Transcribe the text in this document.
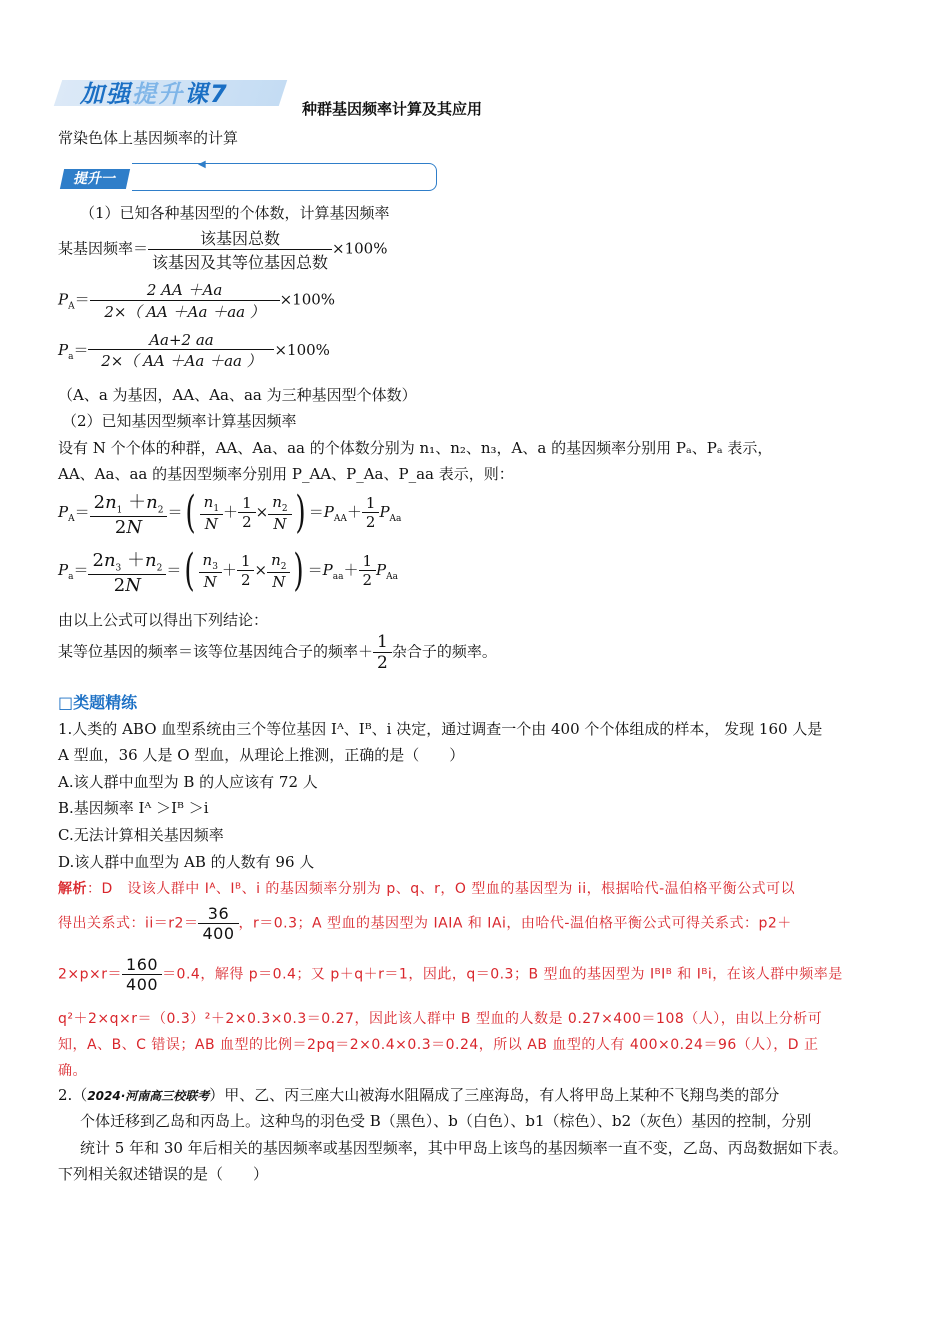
加强提升课7
种群基因频率计算及其应用
常染色体上基因频率的计算
提升一
◀
（1）已知各种基因型的个体数，计算基因频率
某基因频率＝ $\frac{\text{该基因总数}}{\text{该基因及其等位基因总数}} \times 100\%$
$P_A= \frac{2 AA +Aa}{2\times( AA +Aa +aa )} \times 100\%$
$P_a= \frac{Aa+2 aa}{2\times( AA +Aa +aa )} \times 100\%$
（A、a 为基因，AA、Aa、aa 为三种基因型个体数）
（2）已知基因型频率计算基因频率
设有 N 个个体的种群，AA、Aa、aa 的个体数分别为 n₁、n₂、n₃，A、a 的基因频率分别用 Pₐ、Pₐ 表示，
AA、Aa、aa 的基因型频率分别用 P_AA、P_Aa、P_aa 表示，则：
$P_A= \frac{2n_1 +n_2}{2N}$ ＝( $\frac{n_1}{N} + \frac{1}{2} \times \frac{n_2}{N}$ ) $=P_{AA}+ \frac{1}{2} P_{Aa}$
$P_a= \frac{2n_3 +n_2}{2N}$ ＝( $\frac{n_3}{N} + \frac{1}{2} \times \frac{n_2}{N}$ ) $=P_{aa}+ \frac{1}{2} P_{Aa}$
由以上公式可以得出下列结论：
某等位基因的频率＝该等位基因纯合子的频率＋ $\frac{1}{2}$ 杂合子的频率。
□类题精练
1.人类的 ABO 血型系统由三个等位基因 Iᴬ、Iᴮ、i 决定，通过调查一个由 400 个个体组成的样本， 发现 160 人是
A 型血，36 人是 O 型血，从理论上推测，正确的是（　　）
A.该人群中血型为 B 的人应该有 72 人
B.基因频率 Iᴬ ＞Iᴮ ＞i
C.无法计算相关基因频率
D.该人群中血型为 AB 的人数有 96 人
解析：D　设该人群中 Iᴬ、Iᴮ、i 的基因频率分别为 p、q、r，O 型血的基因型为 ii，根据哈代-温伯格平衡公式可以
得出关系式：$ii=r2= \frac{36}{400}$ ，r＝0.3；A 型血的基因型为 IAIA 和 IAi，由哈代-温伯格平衡公式可得关系式：p2＋
$2\times p\times r= \frac{160}{400} =0.4$，解得 p＝0.4；又 p＋q＋r＝1，因此，q＝0.3；B 型血的基因型为 IᴮIᴮ 和 Iᴮi，在该人群中频率是
q²＋2×q×r＝（0.3）²＋2×0.3×0.3＝0.27，因此该人群中 B 型血的人数是 0.27×400＝108（人），由以上分析可
知，A、B、C 错误；AB 血型的比例＝2pq＝2×0.4×0.3＝0.24，所以 AB 血型的人有 400×0.24＝96（人），D 正
确。
2.（2024·河南高三校联考）甲、乙、丙三座大山被海水阻隔成了三座海岛，有人将甲岛上某种不飞翔鸟类的部分
个体迁移到乙岛和丙岛上。这种鸟的羽色受 B（黑色）、b（白色）、b1（棕色）、b2（灰色）基因的控制，分别
统计 5 年和 30 年后相关的基因频率或基因型频率，其中甲岛上该鸟的基因频率一直不变，乙岛、丙岛数据如下表。
下列相关叙述错误的是（　　）
